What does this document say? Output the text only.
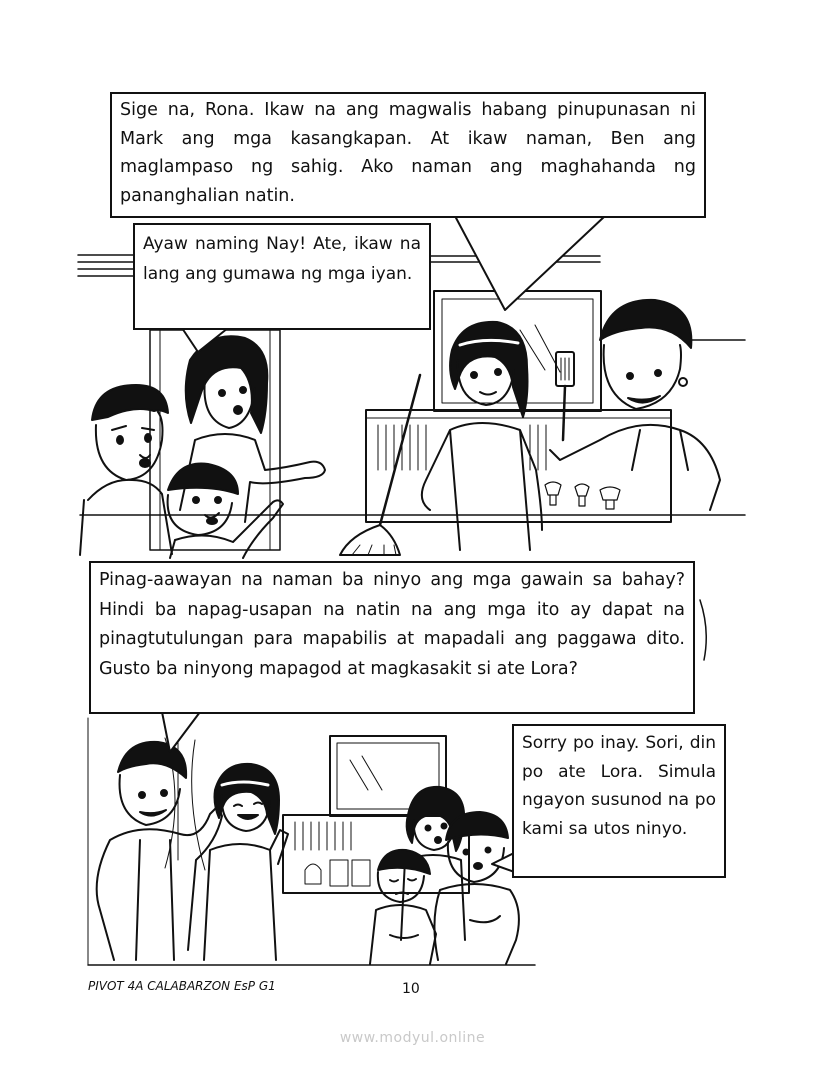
Sige na, Rona. Ikaw na ang magwalis habang pinupunasan ni Mark ang mga kasangkapan. At ikaw naman, Ben ang maglampaso ng sahig. Ako naman ang maghahanda ng pananghalian natin.
Ayaw naming Nay! Ate, ikaw na lang ang gumawa ng mga iyan.
Pinag-aawayan na naman ba ninyo ang mga gawain sa bahay? Hindi ba napag-usapan na natin na ang mga ito ay dapat na pinagtutulungan para mapabilis at mapadali ang paggawa dito. Gusto ba ninyong mapagod at magkasakit si ate Lora?
Sorry po inay. Sori, din po ate Lora. Simula ngayon susunod na po kami sa utos ninyo.
PIVOT 4A CALABARZON EsP G1	10
www.modyul.online
